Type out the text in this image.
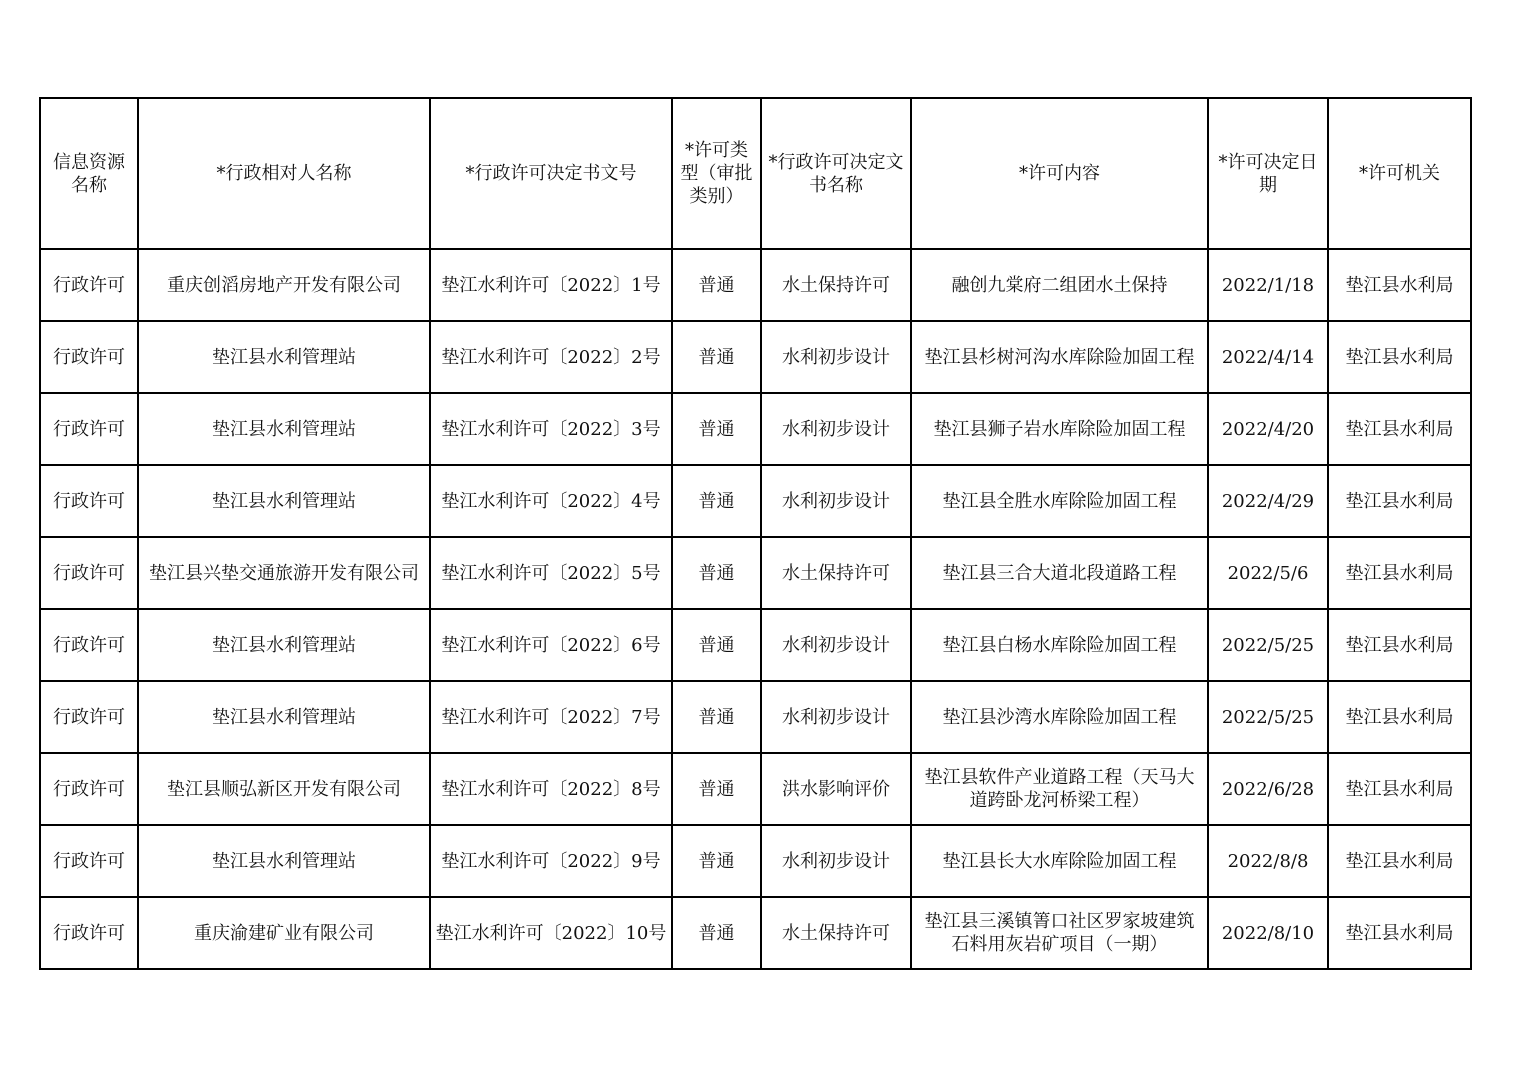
信息资源名称	*行政相对人名称	*行政许可决定书文号	*许可类型（审批类别）	*行政许可决定文书名称	*许可内容	*许可决定日期	*许可机关
行政许可	重庆创滔房地产开发有限公司	垫江水利许可〔2022〕1号	普通	水土保持许可	融创九棠府二组团水土保持	2022/1/18	垫江县水利局
行政许可	垫江县水利管理站	垫江水利许可〔2022〕2号	普通	水利初步设计	垫江县杉树河沟水库除险加固工程	2022/4/14	垫江县水利局
行政许可	垫江县水利管理站	垫江水利许可〔2022〕3号	普通	水利初步设计	垫江县狮子岩水库除险加固工程	2022/4/20	垫江县水利局
行政许可	垫江县水利管理站	垫江水利许可〔2022〕4号	普通	水利初步设计	垫江县全胜水库除险加固工程	2022/4/29	垫江县水利局
行政许可	垫江县兴垫交通旅游开发有限公司	垫江水利许可〔2022〕5号	普通	水土保持许可	垫江县三合大道北段道路工程	2022/5/6	垫江县水利局
行政许可	垫江县水利管理站	垫江水利许可〔2022〕6号	普通	水利初步设计	垫江县白杨水库除险加固工程	2022/5/25	垫江县水利局
行政许可	垫江县水利管理站	垫江水利许可〔2022〕7号	普通	水利初步设计	垫江县沙湾水库除险加固工程	2022/5/25	垫江县水利局
行政许可	垫江县顺弘新区开发有限公司	垫江水利许可〔2022〕8号	普通	洪水影响评价	垫江县软件产业道路工程（天马大道跨卧龙河桥梁工程）	2022/6/28	垫江县水利局
行政许可	垫江县水利管理站	垫江水利许可〔2022〕9号	普通	水利初步设计	垫江县长大水库除险加固工程	2022/8/8	垫江县水利局
行政许可	重庆渝建矿业有限公司	垫江水利许可〔2022〕10号	普通	水土保持许可	垫江县三溪镇箐口社区罗家坡建筑石料用灰岩矿项目（一期）	2022/8/10	垫江县水利局
